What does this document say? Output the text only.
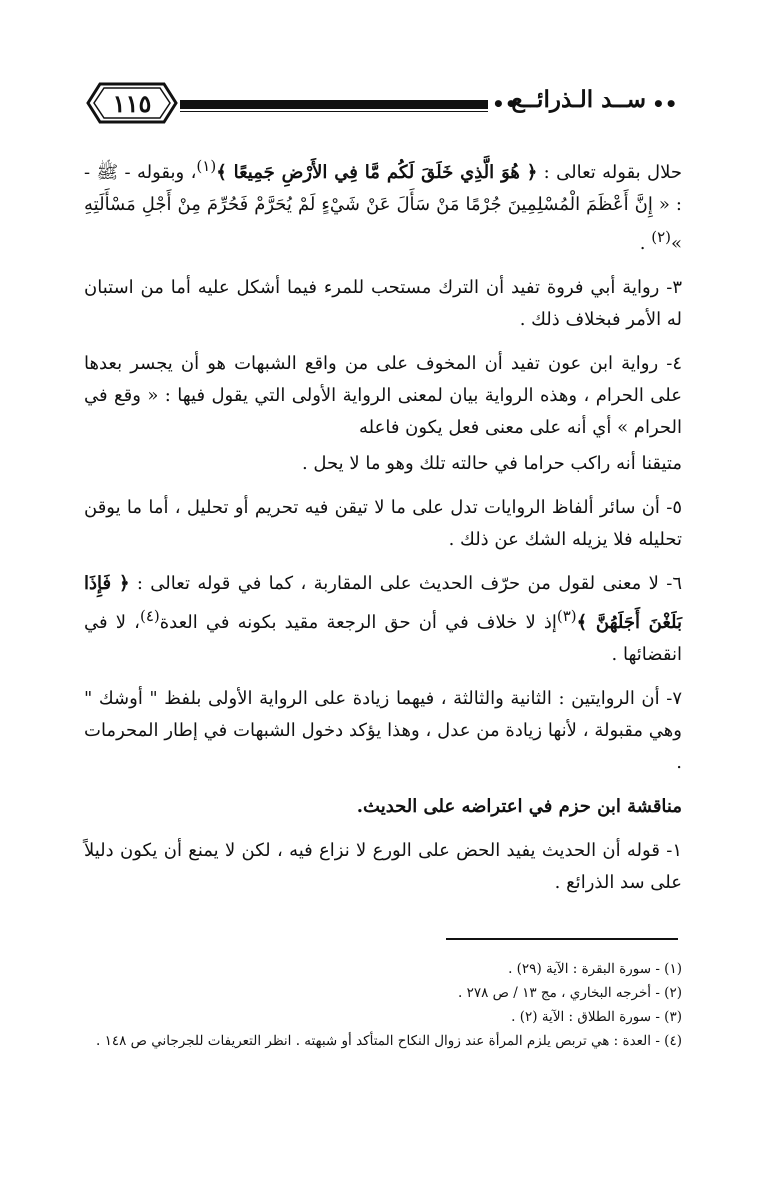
١١٥	••
ســد الـذرائــع ••

حلال بقوله تعالى : ﴿ هُوَ الَّذِي خَلَقَ لَكُم مَّا فِي الأَرْضِ جَمِيعًا ﴾$^{(١)}$، وبقوله - ﷺ - : « إِنَّ أَعْظَمَ الْمُسْلِمِينَ جُرْمًا مَنْ سَأَلَ عَنْ شَيْءٍ لَمْ يُحَرَّمْ فَحُرِّمَ مِنْ أَجْلِ مَسْأَلَتِهِ »$^{(٢)}$ .

٣- رواية أبي فروة تفيد أن الترك مستحب للمرء فيما أشكل عليه أما من استبان له الأمر فبخلاف ذلك .

٤- رواية ابن عون تفيد أن المخوف على من واقع الشبهات هو أن يجسر بعدها على الحرام ، وهذه الرواية بيان لمعنى الرواية الأولى التي يقول فيها : « وقع في الحرام » أي أنه على معنى فعل يكون فاعله

متيقنا أنه راكب حراما في حالته تلك وهو ما لا يحل .

٥- أن سائر ألفاظ الروايات تدل على ما لا تيقن فيه تحريم أو تحليل ، أما ما يوقن تحليله فلا يزيله الشك عن ذلك .

٦- لا معنى لقول من حرّف الحديث على المقاربة ، كما في قوله تعالى : ﴿ فَإِذَا بَلَغْنَ أَجَلَهُنَّ ﴾$^{(٣)}$إذ لا خلاف في أن حق الرجعة مقيد بكونه في العدة$^{(٤)}$، لا في انقضائها .

٧- أن الروايتين : الثانية والثالثة ، فيهما زيادة على الرواية الأولى بلفظ " أوشك " وهي مقبولة ، لأنها زيادة من عدل ، وهذا يؤكد دخول الشبهات في إطار المحرمات .

مناقشة ابن حزم في اعتراضه على الحديث.

١- قوله أن الحديث يفيد الحض على الورع لا نزاع فيه ، لكن لا يمنع أن يكون دليلاً على سد الذرائع .

(١) - سورة البقرة : الآية (٢٩) .

(٢) - أخرجه البخاري ، مج ١٣ / ص ٢٧٨ .

(٣) - سورة الطلاق : الآية (٢) .

(٤) - العدة : هي تربص يلزم المرأة عند زوال النكاح المتأكد أو شبهته . انظر التعريفات للجرجاني ص ١٤٨ .
